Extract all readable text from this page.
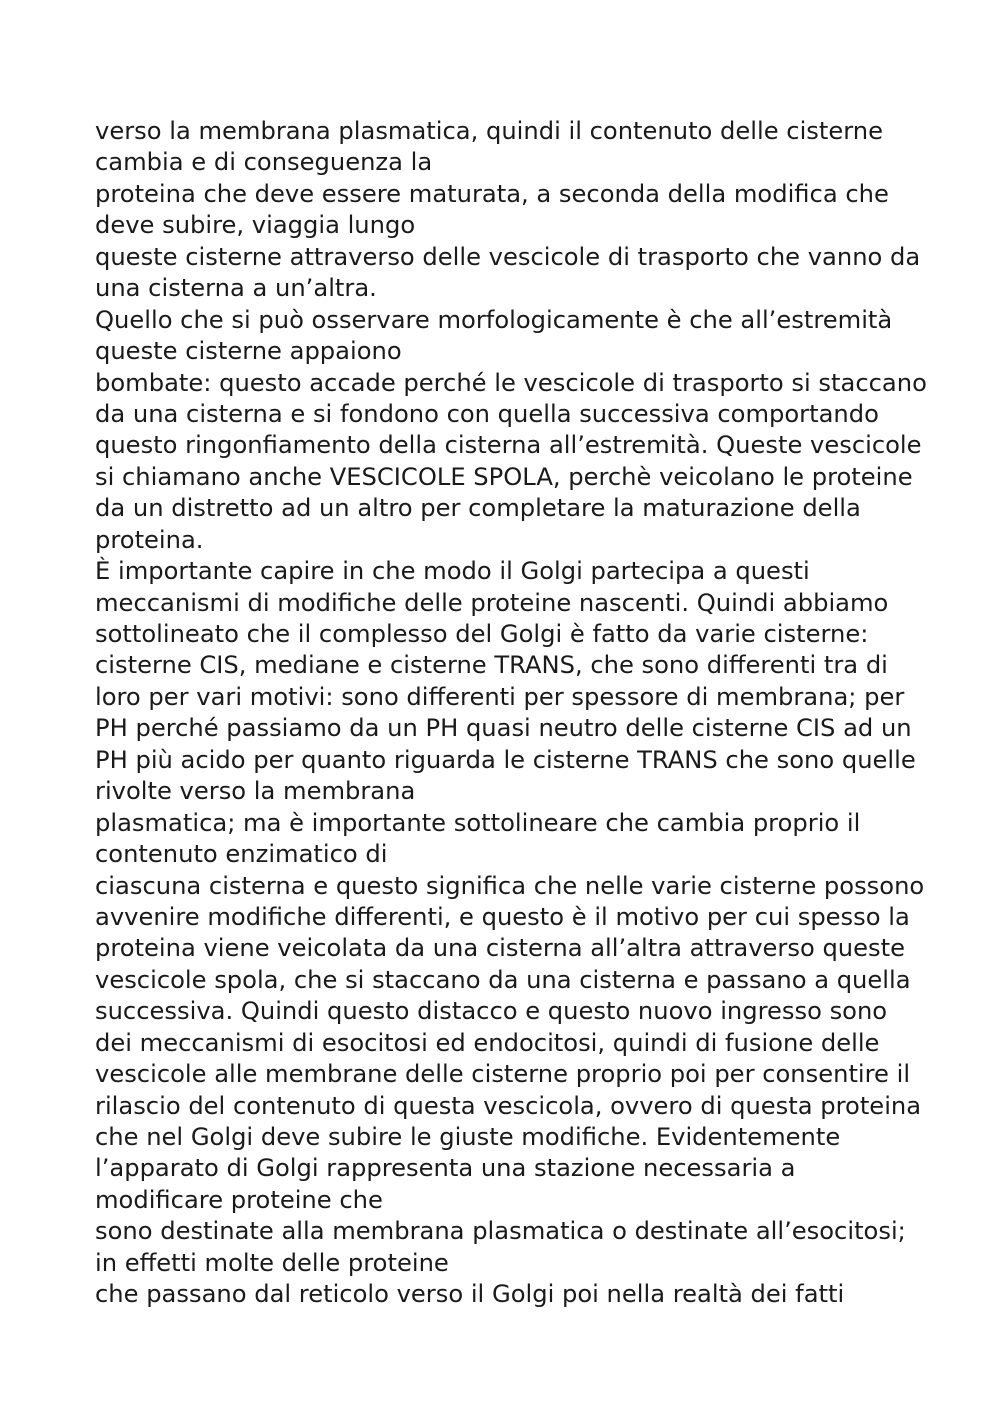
verso la membrana plasmatica, quindi il contenuto delle cisterne
cambia e di conseguenza la
proteina che deve essere maturata, a seconda della modifica che
deve subire, viaggia lungo
queste cisterne attraverso delle vescicole di trasporto che vanno da
una cisterna a un’altra.
Quello che si può osservare morfologicamente è che all’estremità
queste cisterne appaiono
bombate: questo accade perché le vescicole di trasporto si staccano
da una cisterna e si fondono con quella successiva comportando
questo ringonfiamento della cisterna all’estremità. Queste vescicole
si chiamano anche VESCICOLE SPOLA, perchè veicolano le proteine
da un distretto ad un altro per completare la maturazione della
proteina.
È importante capire in che modo il Golgi partecipa a questi
meccanismi di modifiche delle proteine nascenti. Quindi abbiamo
sottolineato che il complesso del Golgi è fatto da varie cisterne:
cisterne CIS, mediane e cisterne TRANS, che sono differenti tra di
loro per vari motivi: sono differenti per spessore di membrana; per
PH perché passiamo da un PH quasi neutro delle cisterne CIS ad un
PH più acido per quanto riguarda le cisterne TRANS che sono quelle
rivolte verso la membrana
plasmatica; ma è importante sottolineare che cambia proprio il
contenuto enzimatico di
ciascuna cisterna e questo significa che nelle varie cisterne possono
avvenire modifiche differenti, e questo è il motivo per cui spesso la
proteina viene veicolata da una cisterna all’altra attraverso queste
vescicole spola, che si staccano da una cisterna e passano a quella
successiva. Quindi questo distacco e questo nuovo ingresso sono
dei meccanismi di esocitosi ed endocitosi, quindi di fusione delle
vescicole alle membrane delle cisterne proprio poi per consentire il
rilascio del contenuto di questa vescicola, ovvero di questa proteina
che nel Golgi deve subire le giuste modifiche. Evidentemente
l’apparato di Golgi rappresenta una stazione necessaria a
modificare proteine che
sono destinate alla membrana plasmatica o destinate all’esocitosi;
in effetti molte delle proteine
che passano dal reticolo verso il Golgi poi nella realtà dei fatti
